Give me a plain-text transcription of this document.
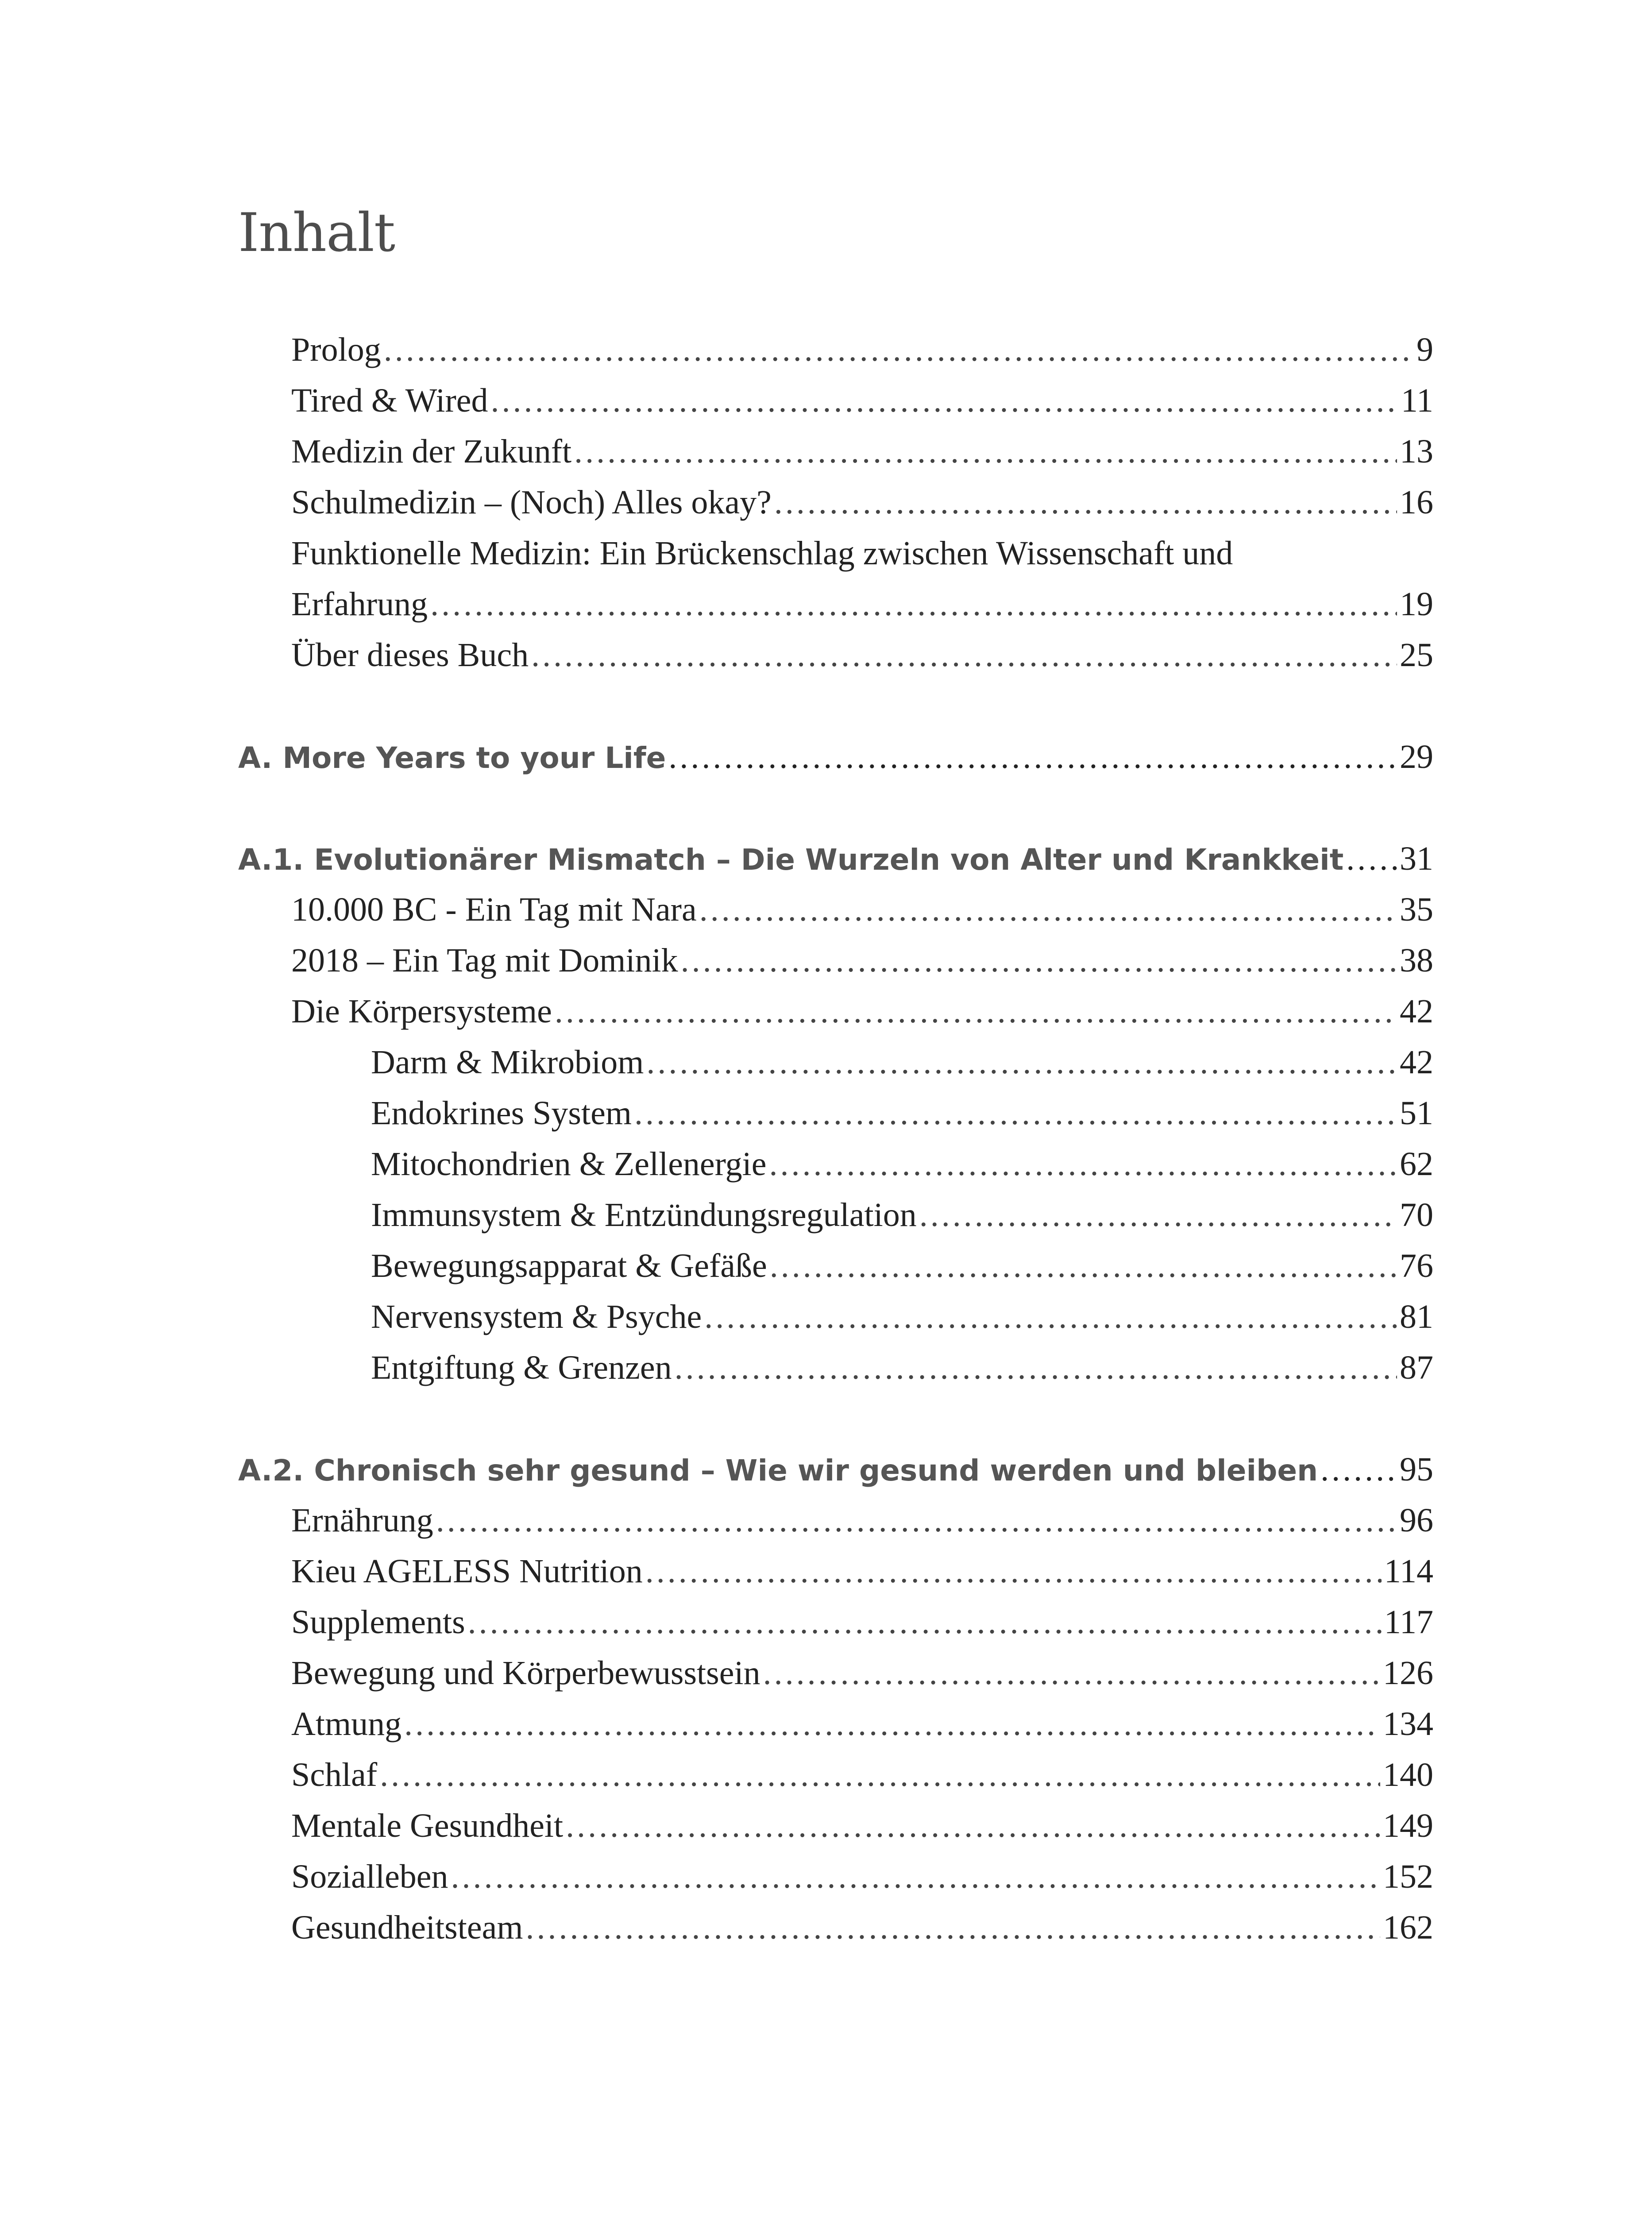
Inhalt
Prolog .....	9
Tired & Wired .....	11
Medizin der Zukunft .....	13
Schulmedizin – (Noch) Alles okay? .....	16
Funktionelle Medizin: Ein Brückenschlag zwischen Wissenschaft und
Erfahrung .....	19
Über dieses Buch .....	25
A. More Years to your Life .....	29
A.1. Evolutionärer Mismatch – Die Wurzeln von Alter und Krankkeit ..... 31
10.000 BC - Ein Tag mit Nara .....	35
2018 – Ein Tag mit Dominik .....	38
Die Körpersysteme .....	42
Darm & Mikrobiom .....	42
Endokrines System .....	51
Mitochondrien & Zellenergie .....	62
Immunsystem & Entzündungsregulation .....	70
Bewegungsapparat & Gefäße .....	76
Nervensystem & Psyche .....	81
Entgiftung & Grenzen .....	87
A.2. Chronisch sehr gesund – Wie wir gesund werden und bleiben ..... 95
Ernährung .....	96
Kieu AGELESS Nutrition .....	114
Supplements .....	117
Bewegung und Körperbewusstsein .....	126
Atmung .....	134
Schlaf .....	140
Mentale Gesundheit .....	149
Sozialleben .....	152
Gesundheitsteam .....	162
